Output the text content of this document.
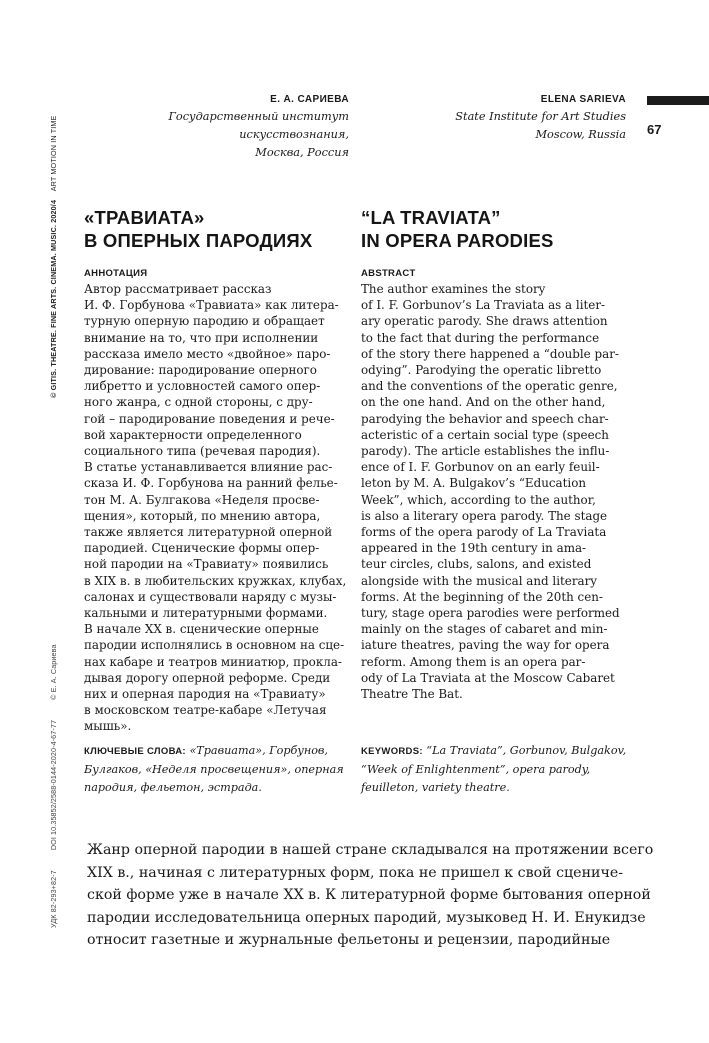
© GITIS. THEATRE. FINE ARTS. CINEMA. MUSIC. 2020/4    ART MOTION IN TIME
УДК 82-293+82-7 DOI 10.35852/2588-0144-2020-4-67-77 © Е. А. Сариева
67
Е. А. САРИЕВА
Государственный институт
искусствознания,
Москва, Россия
«ТРАВИАТА»
В ОПЕРНЫХ ПАРОДИЯХ
АННОТАЦИЯ

Автор рассматривает рассказ
И. Ф. Горбунова «Травиата» как литера-
турную оперную пародию и обращает
внимание на то, что при исполнении
рассказа имело место «двойное» паро-
дирование: пародирование оперного
либретто и условностей самого опер-
ного жанра, с одной стороны, с дру-
гой – пародирование поведения и рече-
вой характерности определенного
социального типа (речевая пародия).
В статье устанавливается влияние рас-
сказа И. Ф. Горбунова на ранний фелье-
тон М. А. Булгакова «Неделя просве-
щения», который, по мнению автора,
также является литературной оперной
пародией. Сценические формы опер-
ной пародии на «Травиату» появились
в XIX в. в любительских кружках, клубах,
салонах и существовали наряду с музы-
кальными и литературными формами.
В начале XX в. сценические оперные
пародии исполнялись в основном на сце-
нах кабаре и театров миниатюр, прокла-
дывая дорогу оперной реформе. Среди
них и оперная пародия на «Травиату»
в московском театре-кабаре «Летучая
мышь».

КЛЮЧЕВЫЕ СЛОВА: «Травиата», Горбунов, Булгаков, «Неделя просвещения», оперная пародия, фельетон, эстрада.
ELENA SARIEVA
State Institute for Art Studies
Moscow, Russia
“LA TRAVIATA”
IN OPERA PARODIES
ABSTRACT

The author examines the story
of I. F. Gorbunov’s La Traviata as a liter-
ary operatic parody. She draws attention
to the fact that during the performance
of the story there happened a “double par-
odying”. Parodying the operatic libretto
and the conventions of the operatic genre,
on the one hand. And on the other hand,
parodying the behavior and speech char-
acteristic of a certain social type (speech
parody). The article establishes the influ-
ence of I. F. Gorbunov on an early feuil-
leton by M. A. Bulgakov’s “Education
Week”, which, according to the author,
is also a literary opera parody. The stage
forms of the opera parody of La Traviata
appeared in the 19th century in ama-
teur circles, clubs, salons, and existed
alongside with the musical and literary
forms. At the beginning of the 20th cen-
tury, stage opera parodies were performed
mainly on the stages of cabaret and min-
iature theatres, paving the way for opera
reform. Among them is an opera par-
ody of La Traviata at the Moscow Cabaret
Theatre The Bat.

KEYWORDS: “La Traviata”, Gorbunov, Bulgakov, “Week of Enlightenment”, opera parody, feuilleton, variety theatre.
Жанр оперной пародии в нашей стране складывался на протяжении всего
XIX в., начиная с литературных форм, пока не пришел к свой сцениче-
ской форме уже в начале XX в. К литературной форме бытования оперной
пародии исследовательница оперных пародий, музыковед Н. И. Енукидзе
относит газетные и журнальные фельетоны и рецензии, пародийные
